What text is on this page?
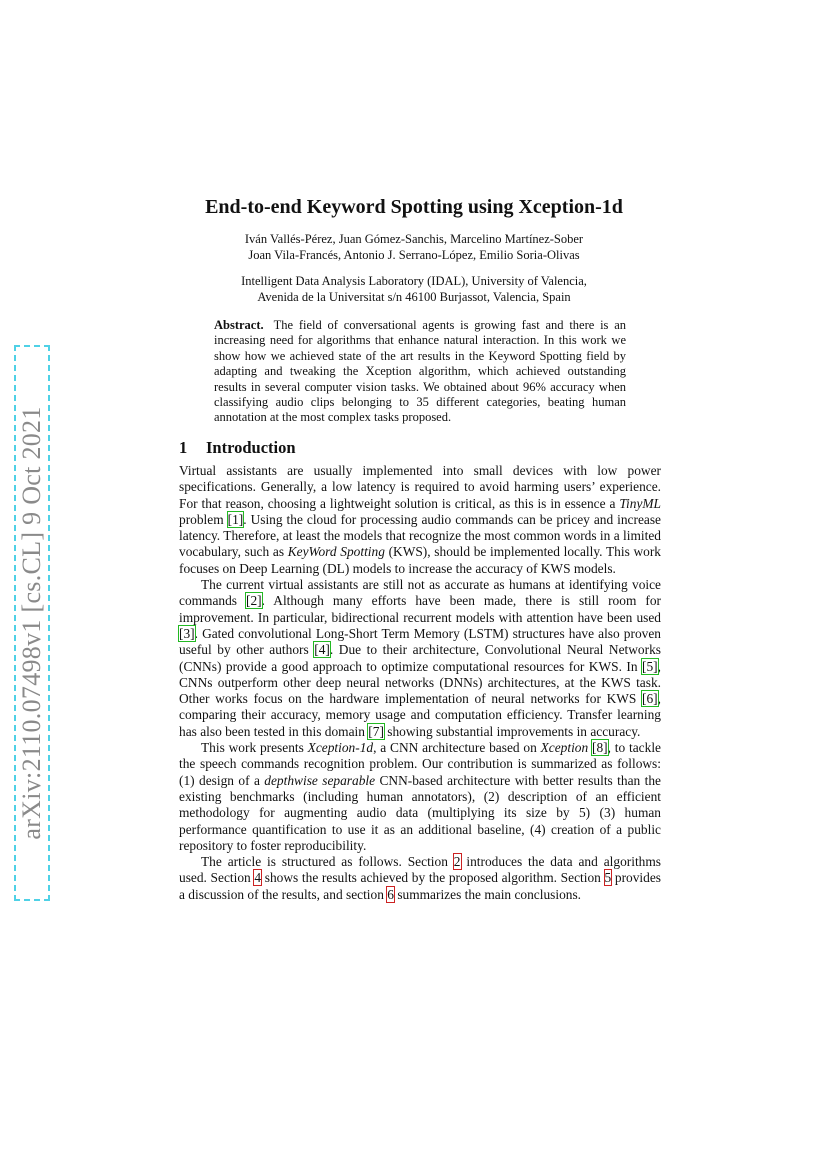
arXiv:2110.07498v1 [cs.CL] 9 Oct 2021
End-to-end Keyword Spotting using Xception-1d
Iván Vallés-Pérez, Juan Gómez-Sanchis, Marcelino Martínez-Sober
Joan Vila-Francés, Antonio J. Serrano-López, Emilio Soria-Olivas
Intelligent Data Analysis Laboratory (IDAL), University of Valencia,
Avenida de la Universitat s/n 46100 Burjassot, Valencia, Spain
Abstract. The field of conversational agents is growing fast and there is an increasing need for algorithms that enhance natural interaction. In this work we show how we achieved state of the art results in the Keyword Spotting field by adapting and tweaking the Xception algorithm, which achieved outstanding results in several computer vision tasks. We obtained about 96% accuracy when classifying audio clips belonging to 35 different categories, beating human annotation at the most complex tasks proposed.
1 Introduction

Virtual assistants are usually implemented into small devices with low power specifications. Generally, a low latency is required to avoid harming users’ experience. For that reason, choosing a lightweight solution is critical, as this is in essence a TinyML problem [1]. Using the cloud for processing audio commands can be pricey and increase latency. Therefore, at least the models that recognize the most common words in a limited vocabulary, such as KeyWord Spotting (KWS), should be implemented locally. This work focuses on Deep Learning (DL) models to increase the accuracy of KWS models.

The current virtual assistants are still not as accurate as humans at identifying voice commands [2]. Although many efforts have been made, there is still room for improvement. In particular, bidirectional recurrent models with attention have been used [3]. Gated convolutional Long-Short Term Memory (LSTM) structures have also proven useful by other authors [4]. Due to their architecture, Convolutional Neural Networks (CNNs) provide a good approach to optimize computational resources for KWS. In [5], CNNs outperform other deep neural networks (DNNs) architectures, at the KWS task. Other works focus on the hardware implementation of neural networks for KWS [6], comparing their accuracy, memory usage and computation efficiency. Transfer learning has also been tested in this domain [7] showing substantial improvements in accuracy.

This work presents Xception-1d, a CNN architecture based on Xception [8], to tackle the speech commands recognition problem. Our contribution is summarized as follows: (1) design of a depthwise separable CNN-based architecture with better results than the existing benchmarks (including human annotators), (2) description of an efficient methodology for augmenting audio data (multiplying its size by 5) (3) human performance quantification to use it as an additional baseline, (4) creation of a public repository to foster reproducibility.

The article is structured as follows. Section 2 introduces the data and algorithms used. Section 4 shows the results achieved by the proposed algorithm. Section 5 provides a discussion of the results, and section 6 summarizes the main conclusions.
